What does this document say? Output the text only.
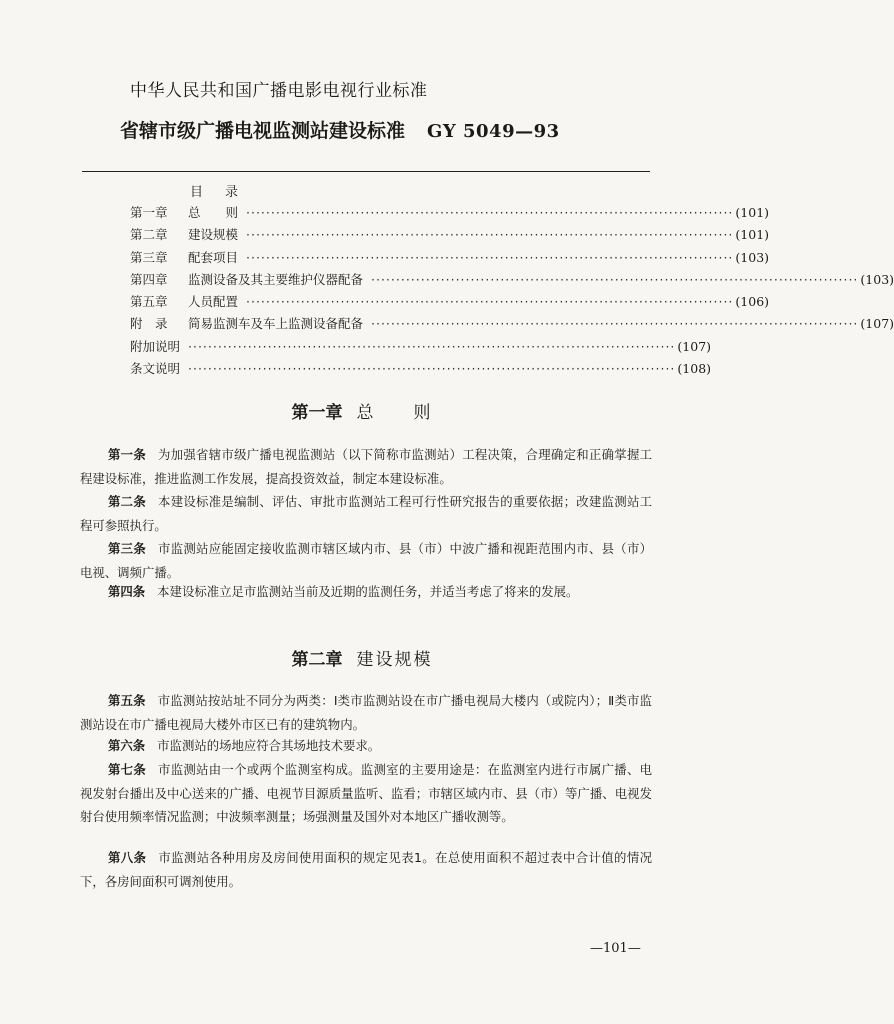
中华人民共和国广播电影电视行业标准
省辖市级广播电视监测站建设标准 GY 5049—93
目 录
第一章 总　　则 ·································································································· (101)
第二章 建设规模 ·································································································· (101)
第三章 配套项目 ·································································································· (103)
第四章 监测设备及其主要维护仪器配备 ·································································································· (103)
第五章 人员配置 ·································································································· (106)
附　录 简易监测车及车上监测设备配备 ·································································································· (107)
附加说明 ·································································································· (107)
条文说明 ·································································································· (108)
第一章 总　　则

第一条 为加强省辖市级广播电视监测站（以下简称市监测站）工程决策，合理确定和正确掌握工程建设标准，推进监测工作发展，提高投资效益，制定本建设标准。

第二条 本建设标准是编制、评估、审批市监测站工程可行性研究报告的重要依据；改建监测站工程可参照执行。

第三条 市监测站应能固定接收监测市辖区域内市、县（市）中波广播和视距范围内市、县（市）电视、调频广播。

第四条 本建设标准立足市监测站当前及近期的监测任务，并适当考虑了将来的发展。

第二章 建设规模

第五条 市监测站按站址不同分为两类：Ⅰ类市监测站设在市广播电视局大楼内（或院内）；Ⅱ类市监测站设在市广播电视局大楼外市区已有的建筑物内。

第六条 市监测站的场地应符合其场地技术要求。

第七条 市监测站由一个或两个监测室构成。监测室的主要用途是：在监测室内进行市属广播、电视发射台播出及中心送来的广播、电视节目源质量监听、监看；市辖区域内市、县（市）等广播、电视发射台使用频率情况监测；中波频率测量；场强测量及国外对本地区广播收测等。

第八条 市监测站各种用房及房间使用面积的规定见表1。在总使用面积不超过表中合计值的情况下，各房间面积可调剂使用。

—101—
